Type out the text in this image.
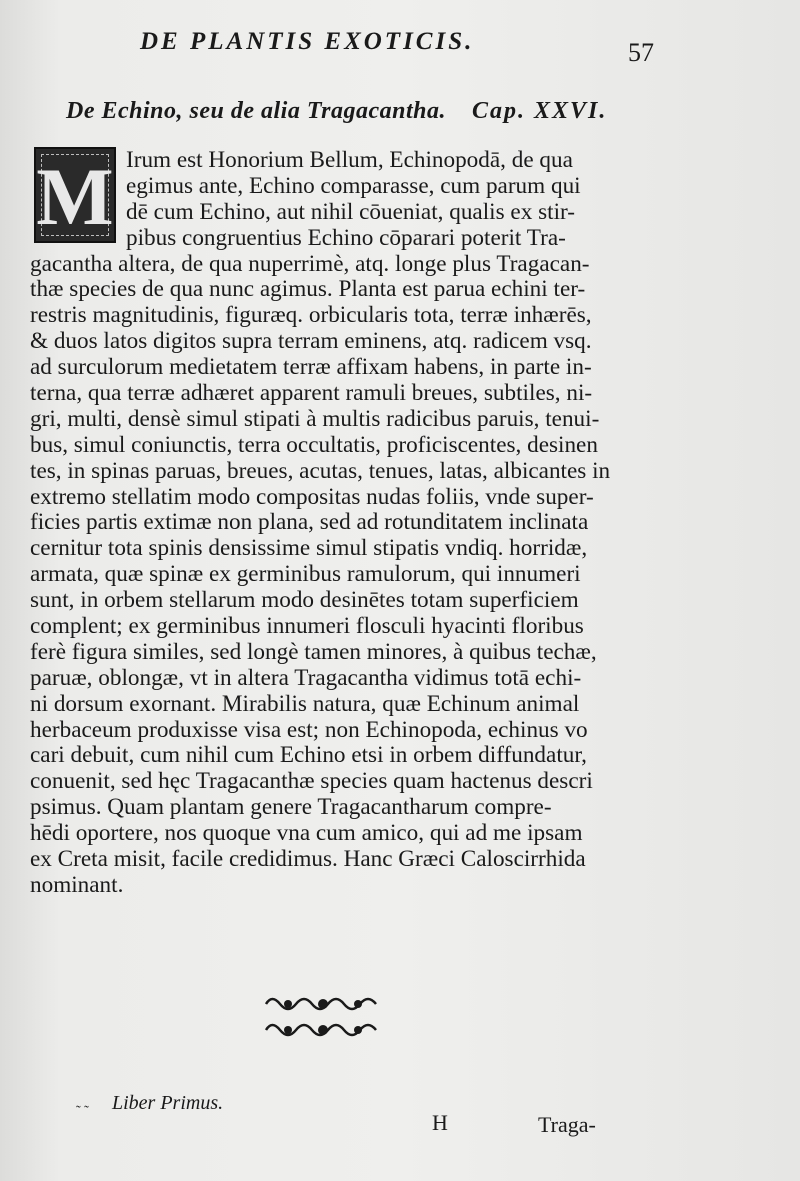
DE PLANTIS EXOTICIS.	57
De Echino, seu de alia Tragacantha. Cap. XXVI.
M Irum est Honorium Bellum, Echinopodā, de qua
egimus ante, Echino comparasse, cum parum qui
dē cum Echino, aut nihil cōueniat, qualis ex stir-
pibus congruentius Echino cōparari poterit Tra-
gacantha altera, de qua nuperrimè, atq. longe plus Tragacan-
thæ species de qua nunc agimus. Planta est parua echini ter-
restris magnitudinis, figuræq. orbicularis tota, terræ inhærēs,
& duos latos digitos supra terram eminens, atq. radicem vsq.
ad surculorum medietatem terræ affixam habens, in parte in-
terna, qua terræ adhæret apparent ramuli breues, subtiles, ni-
gri, multi, densè simul stipati à multis radicibus paruis, tenui-
bus, simul coniunctis, terra occultatis, proficiscentes, desinen
tes, in spinas paruas, breues, acutas, tenues, latas, albicantes in
extremo stellatim modo compositas nudas foliis, vnde super-
ficies partis extimæ non plana, sed ad rotunditatem inclinata
cernitur tota spinis densissime simul stipatis vndiq. horridæ,
armata, quæ spinæ ex germinibus ramulorum, qui innumeri
sunt, in orbem stellarum modo desinētes totam superficiem
complent; ex germinibus innumeri flosculi hyacinti floribus
ferè figura similes, sed longè tamen minores, à quibus techæ,
paruæ, oblongæ, vt in altera Tragacantha vidimus totā echi-
ni dorsum exornant. Mirabilis natura, quæ Echinum animal
herbaceum produxisse visa est; non Echinopoda, echinus vo
cari debuit, cum nihil cum Echino etsi in orbem diffundatur,
conuenit, sed hęc Tragacanthæ species quam hactenus descri
psimus. Quam plantam genere Tragacantharum compre-
hēdi oportere, nos quoque vna cum amico, qui ad me ipsam
ex Creta misit, facile credidimus. Hanc Græci Caloscirrhida
nominant.
˜ ˜ Liber Primus.
H	Traga-
